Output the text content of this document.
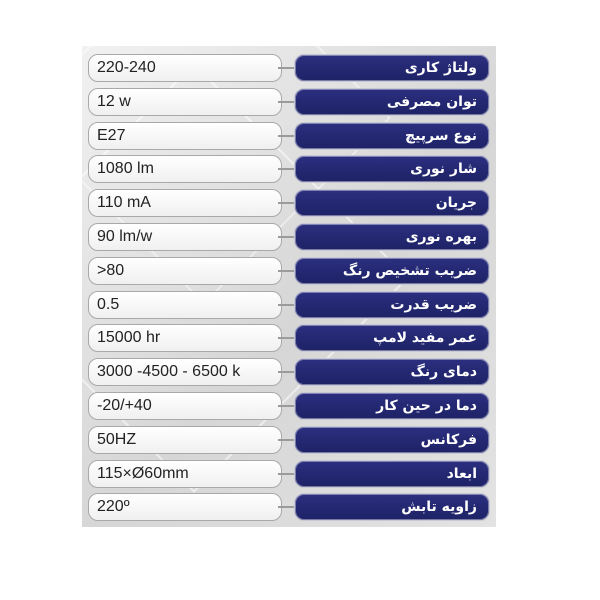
220-240	ولتاژ کاری
12 w	توان مصرفی
E27	نوع سرپیچ
1080 lm	شار نوری
110 mA	جریان
90 lm/w	بهره نوری
>80	ضریب تشخیص رنگ
0.5	ضریب قدرت
15000 hr	عمر مفید لامپ
3000 -4500 - 6500 k	دمای رنگ
-20/+40	دما در حین کار
50HZ	فرکانس
115×Ø60mm	ابعاد
220º	زاویه تابش
